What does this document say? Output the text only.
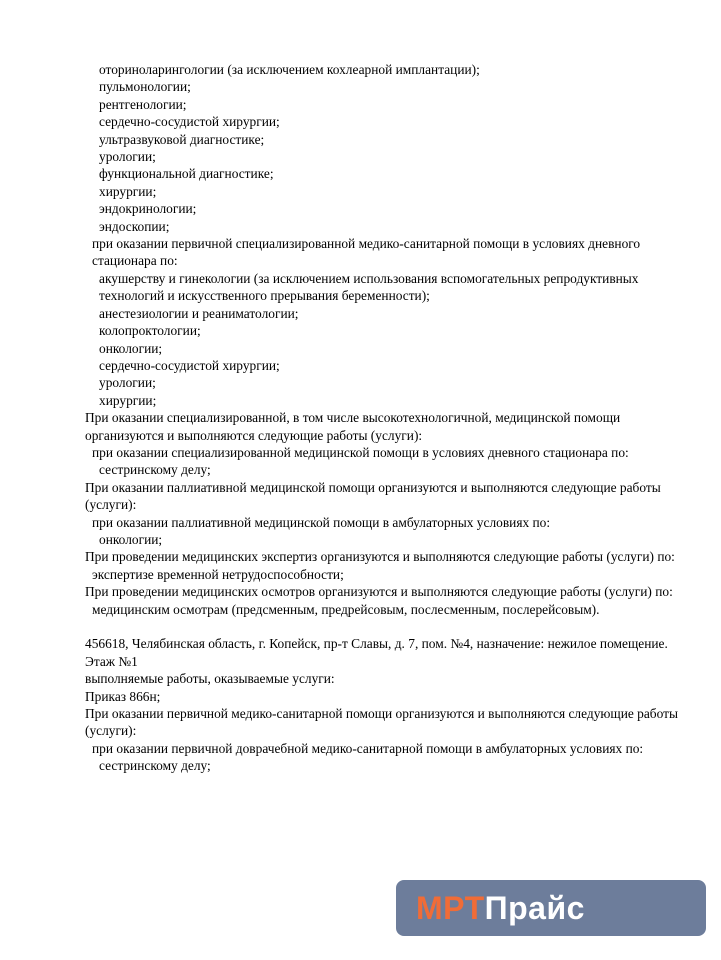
оториноларингологии (за исключением кохлеарной имплантации);
пульмонологии;
рентгенологии;
сердечно-сосудистой хирургии;
ультразвуковой диагностике;
урологии;
функциональной диагностике;
хирургии;
эндокринологии;
эндоскопии;
при оказании первичной специализированной медико-санитарной помощи в условиях дневного стационара по:
акушерству и гинекологии (за исключением использования вспомогательных репродуктивных технологий и искусственного прерывания беременности);
анестезиологии и реаниматологии;
колопроктологии;
онкологии;
сердечно-сосудистой хирургии;
урологии;
хирургии;
При оказании специализированной, в том числе высокотехнологичной, медицинской помощи организуются и выполняются следующие работы (услуги):
при оказании специализированной медицинской помощи в условиях дневного стационара по:
сестринскому делу;
При оказании паллиативной медицинской помощи организуются и выполняются следующие работы (услуги):
при оказании паллиативной медицинской помощи в амбулаторных условиях по:
онкологии;
При проведении медицинских экспертиз организуются и выполняются следующие работы (услуги) по:
экспертизе временной нетрудоспособности;
При проведении медицинских осмотров организуются и выполняются следующие работы (услуги) по:
медицинским осмотрам (предсменным, предрейсовым, послесменным, послерейсовым).
456618, Челябинская область, г. Копейск, пр-т Славы, д. 7, пом. №4, назначение: нежилое помещение. Этаж №1
выполняемые работы, оказываемые услуги:
Приказ 866н;
При оказании первичной медико-санитарной помощи организуются и выполняются следующие работы (услуги):
при оказании первичной доврачебной медико-санитарной помощи в амбулаторных условиях по:
сестринскому делу;
МРТ Прайс
